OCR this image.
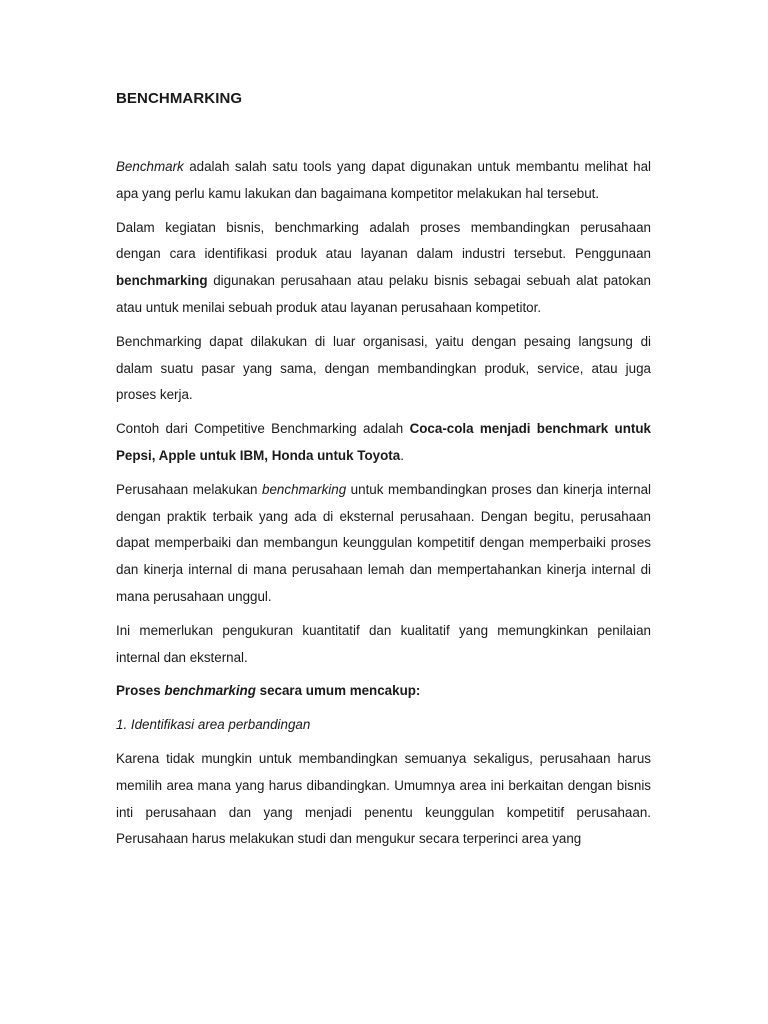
BENCHMARKING

Benchmark adalah salah satu tools yang dapat digunakan untuk membantu melihat hal apa yang perlu kamu lakukan dan bagaimana kompetitor melakukan hal tersebut.

Dalam kegiatan bisnis, benchmarking adalah proses membandingkan perusahaan dengan cara identifikasi produk atau layanan dalam industri tersebut. Penggunaan benchmarking digunakan perusahaan atau pelaku bisnis sebagai sebuah alat patokan atau untuk menilai sebuah produk atau layanan perusahaan kompetitor.

Benchmarking dapat dilakukan di luar organisasi, yaitu dengan pesaing langsung di dalam suatu pasar yang sama, dengan membandingkan produk, service, atau juga proses kerja.

Contoh dari Competitive Benchmarking adalah Coca-cola menjadi benchmark untuk Pepsi, Apple untuk IBM, Honda untuk Toyota.

Perusahaan melakukan benchmarking untuk membandingkan proses dan kinerja internal dengan praktik terbaik yang ada di eksternal perusahaan. Dengan begitu, perusahaan dapat memperbaiki dan membangun keunggulan kompetitif dengan memperbaiki proses dan kinerja internal di mana perusahaan lemah dan mempertahankan kinerja internal di mana perusahaan unggul.

Ini memerlukan pengukuran kuantitatif dan kualitatif yang memungkinkan penilaian internal dan eksternal.

Proses benchmarking secara umum mencakup:
1. Identifikasi area perbandingan

Karena tidak mungkin untuk membandingkan semuanya sekaligus, perusahaan harus memilih area mana yang harus dibandingkan. Umumnya area ini berkaitan dengan bisnis inti perusahaan dan yang menjadi penentu keunggulan kompetitif perusahaan. Perusahaan harus melakukan studi dan mengukur secara terperinci area yang
